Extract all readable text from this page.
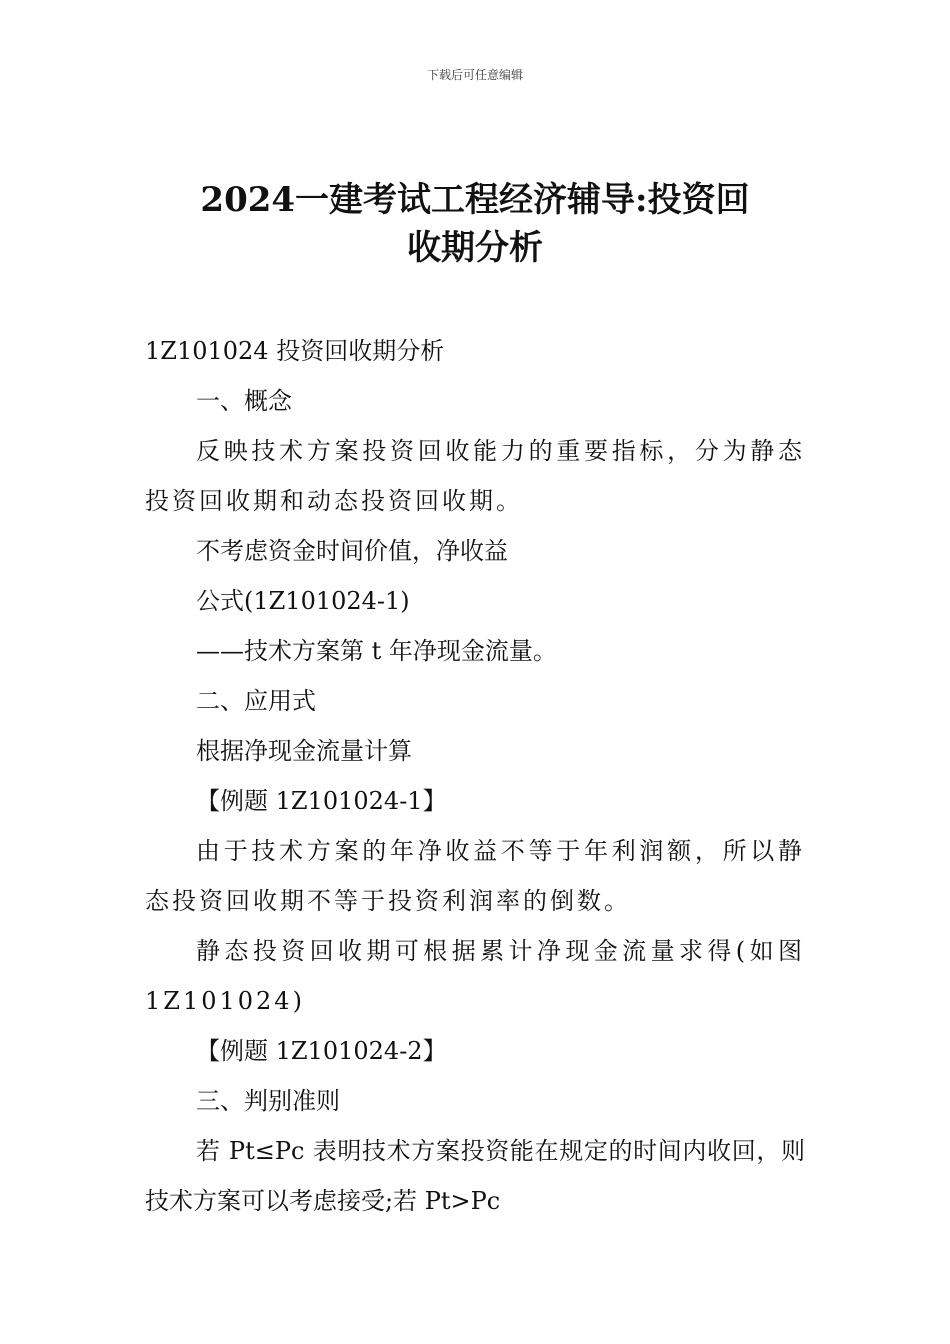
下载后可任意编辑
2024一建考试工程经济辅导:投资回
收期分析

1Z101024 投资回收期分析

一、概念

反映技术方案投资回收能力的重要指标，分为静态投资回收期和动态投资回收期。

不考虑资金时间价值，净收益

公式(1Z101024-1)

——技术方案第 t 年净现金流量。

二、应用式

根据净现金流量计算

【例题 1Z101024-1】

由于技术方案的年净收益不等于年利润额，所以静态投资回收期不等于投资利润率的倒数。

静态投资回收期可根据累计净现金流量求得(如图1Z101024)

【例题 1Z101024-2】

三、判别准则

若 Pt≤Pc 表明技术方案投资能在规定的时间内收回，则技术方案可以考虑接受;若 Pt>Pc
